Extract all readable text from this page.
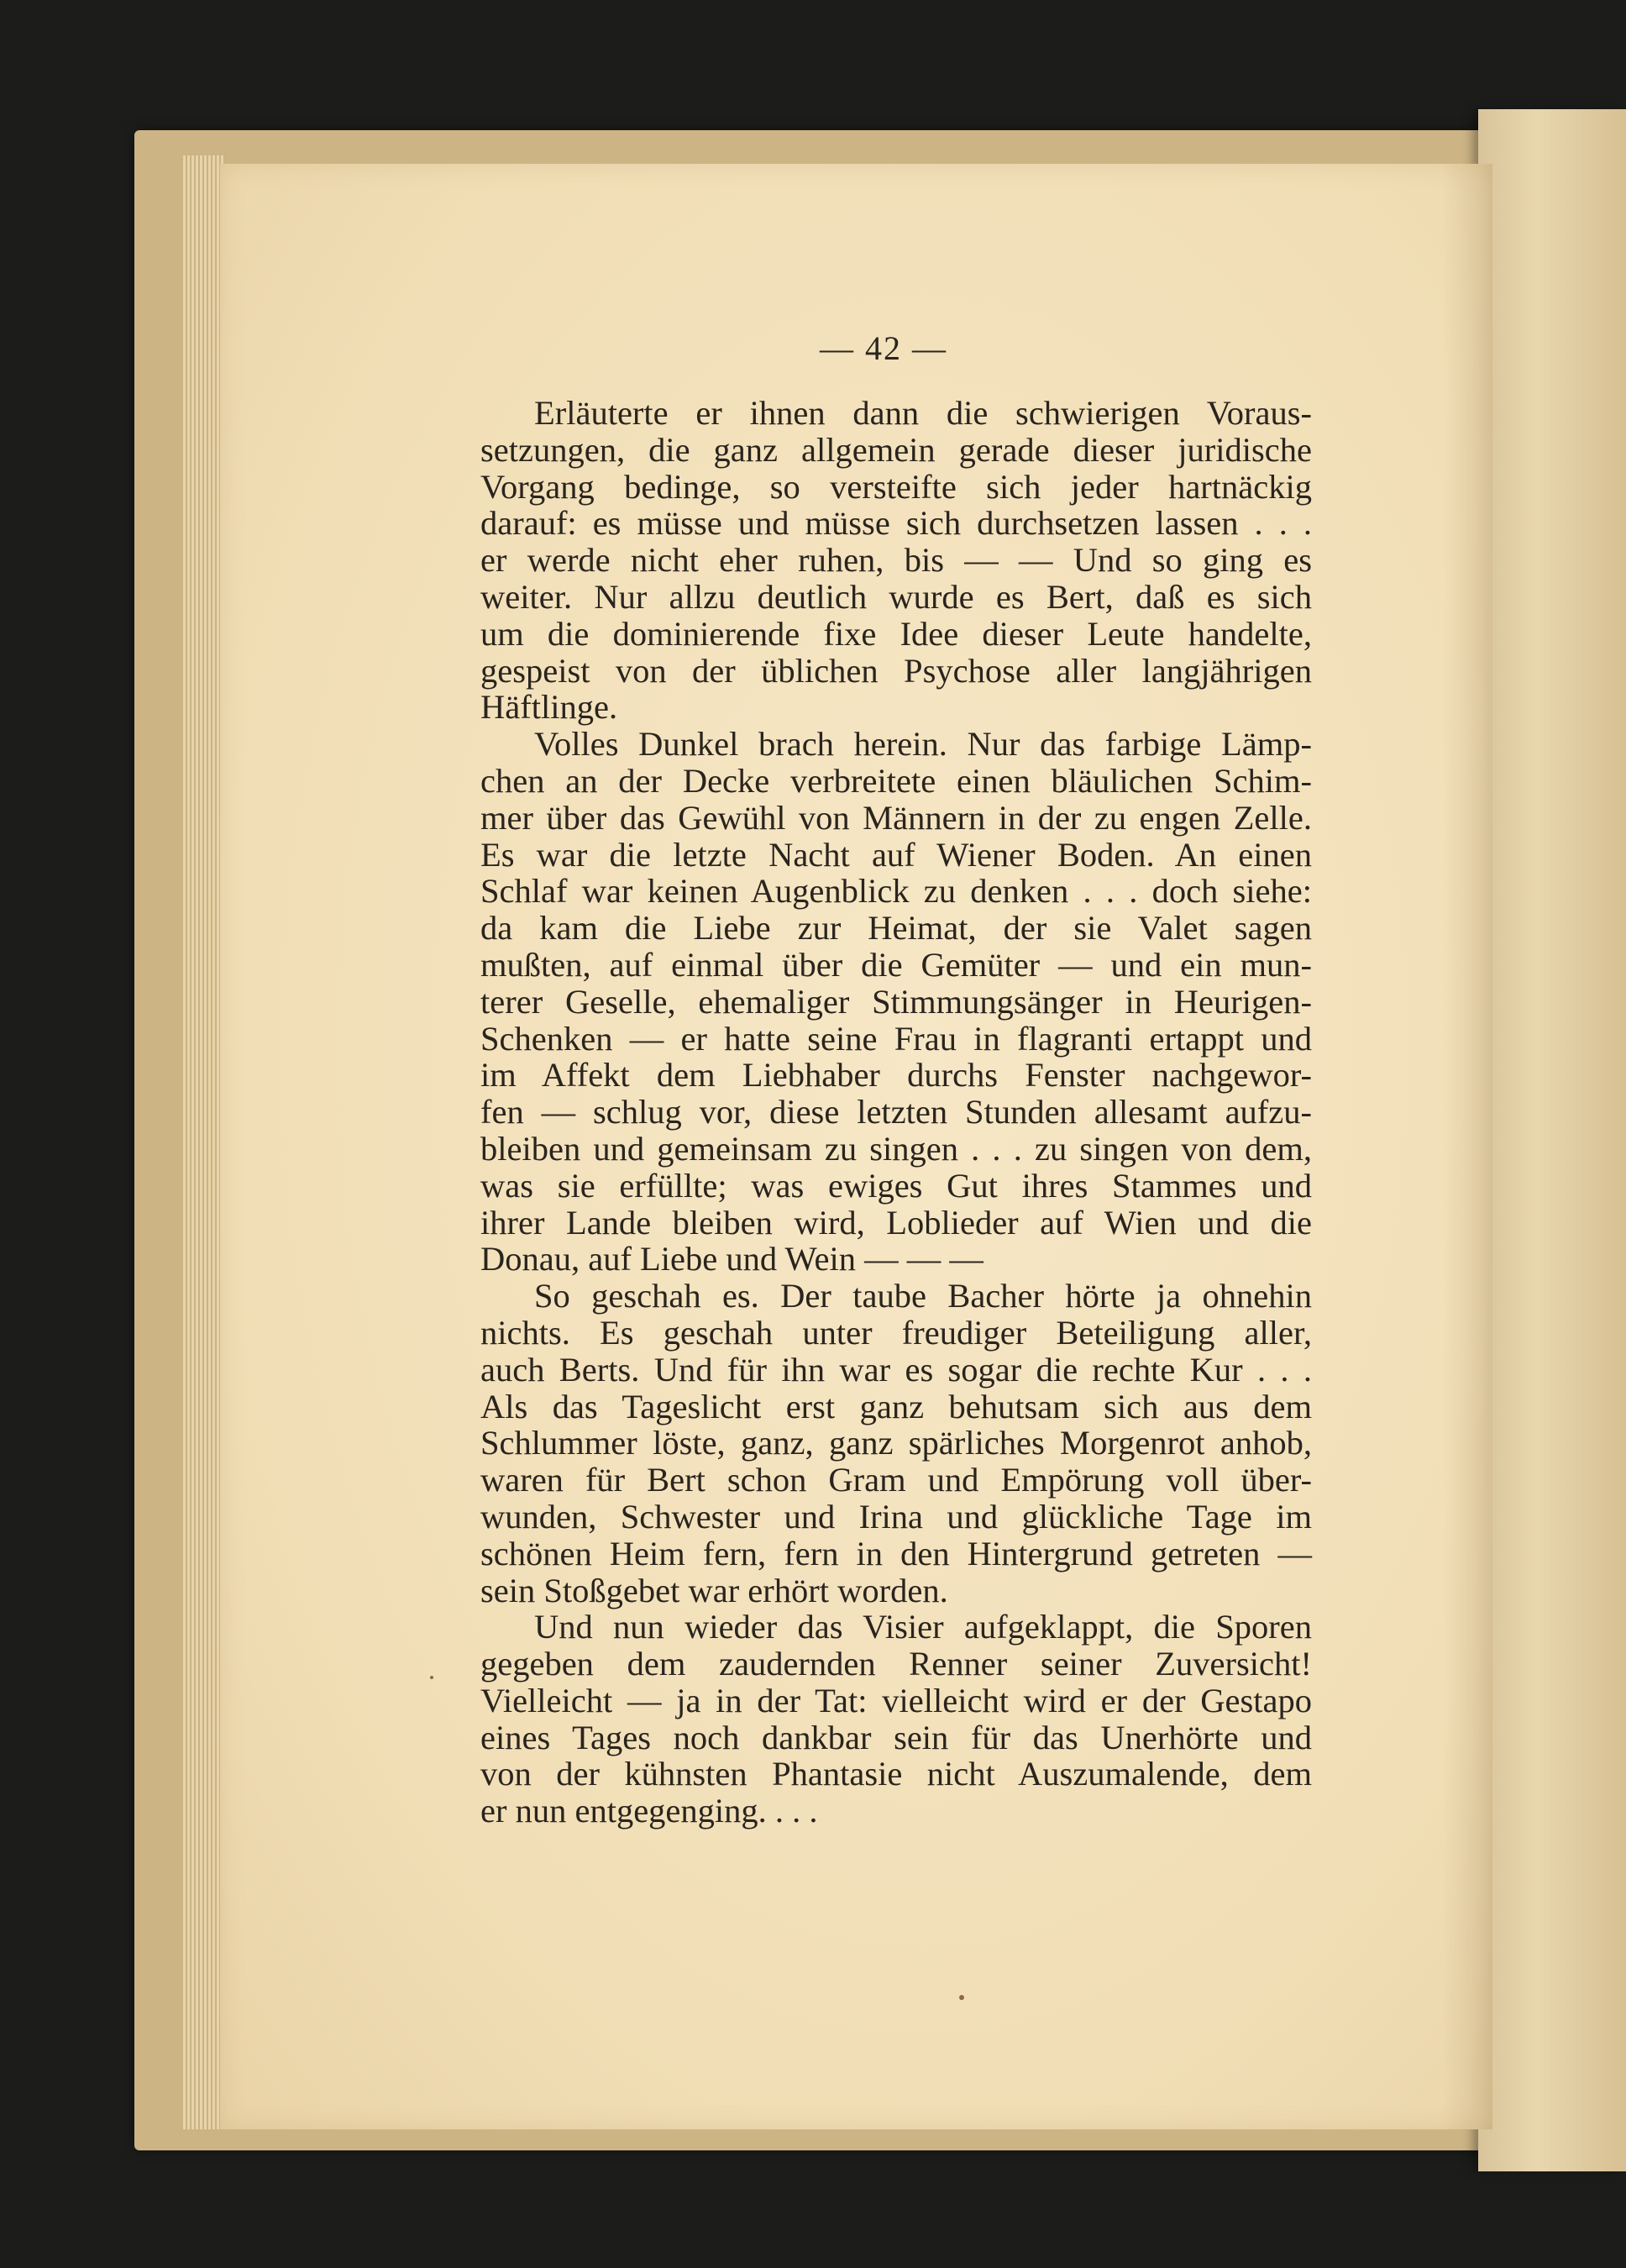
— 42 —
Erläuterte er ihnen dann die schwierigen Voraus-
setzungen, die ganz allgemein gerade dieser juridische
Vorgang bedinge, so versteifte sich jeder hartnäckig
darauf: es müsse und müsse sich durchsetzen lassen . . .
er werde nicht eher ruhen, bis — — Und so ging es
weiter. Nur allzu deutlich wurde es Bert, daß es sich
um die dominierende fixe Idee dieser Leute handelte,
gespeist von der üblichen Psychose aller langjährigen
Häftlinge.
Volles Dunkel brach herein. Nur das farbige Lämp-
chen an der Decke verbreitete einen bläulichen Schim-
mer über das Gewühl von Männern in der zu engen Zelle.
Es war die letzte Nacht auf Wiener Boden. An einen
Schlaf war keinen Augenblick zu denken . . . doch siehe:
da kam die Liebe zur Heimat, der sie Valet sagen
mußten, auf einmal über die Gemüter — und ein mun-
terer Geselle, ehemaliger Stimmungsänger in Heurigen-
Schenken — er hatte seine Frau in flagranti ertappt und
im Affekt dem Liebhaber durchs Fenster nachgewor-
fen — schlug vor, diese letzten Stunden allesamt aufzu-
bleiben und gemeinsam zu singen . . . zu singen von dem,
was sie erfüllte; was ewiges Gut ihres Stammes und
ihrer Lande bleiben wird, Loblieder auf Wien und die
Donau, auf Liebe und Wein — — —
So geschah es. Der taube Bacher hörte ja ohnehin
nichts. Es geschah unter freudiger Beteiligung aller,
auch Berts. Und für ihn war es sogar die rechte Kur . . .
Als das Tageslicht erst ganz behutsam sich aus dem
Schlummer löste, ganz, ganz spärliches Morgenrot anhob,
waren für Bert schon Gram und Empörung voll über-
wunden, Schwester und Irina und glückliche Tage im
schönen Heim fern, fern in den Hintergrund getreten —
sein Stoßgebet war erhört worden.
Und nun wieder das Visier aufgeklappt, die Sporen
gegeben dem zaudernden Renner seiner Zuversicht!
Vielleicht — ja in der Tat: vielleicht wird er der Gestapo
eines Tages noch dankbar sein für das Unerhörte und
von der kühnsten Phantasie nicht Auszumalende, dem
er nun entgegenging. . . .
